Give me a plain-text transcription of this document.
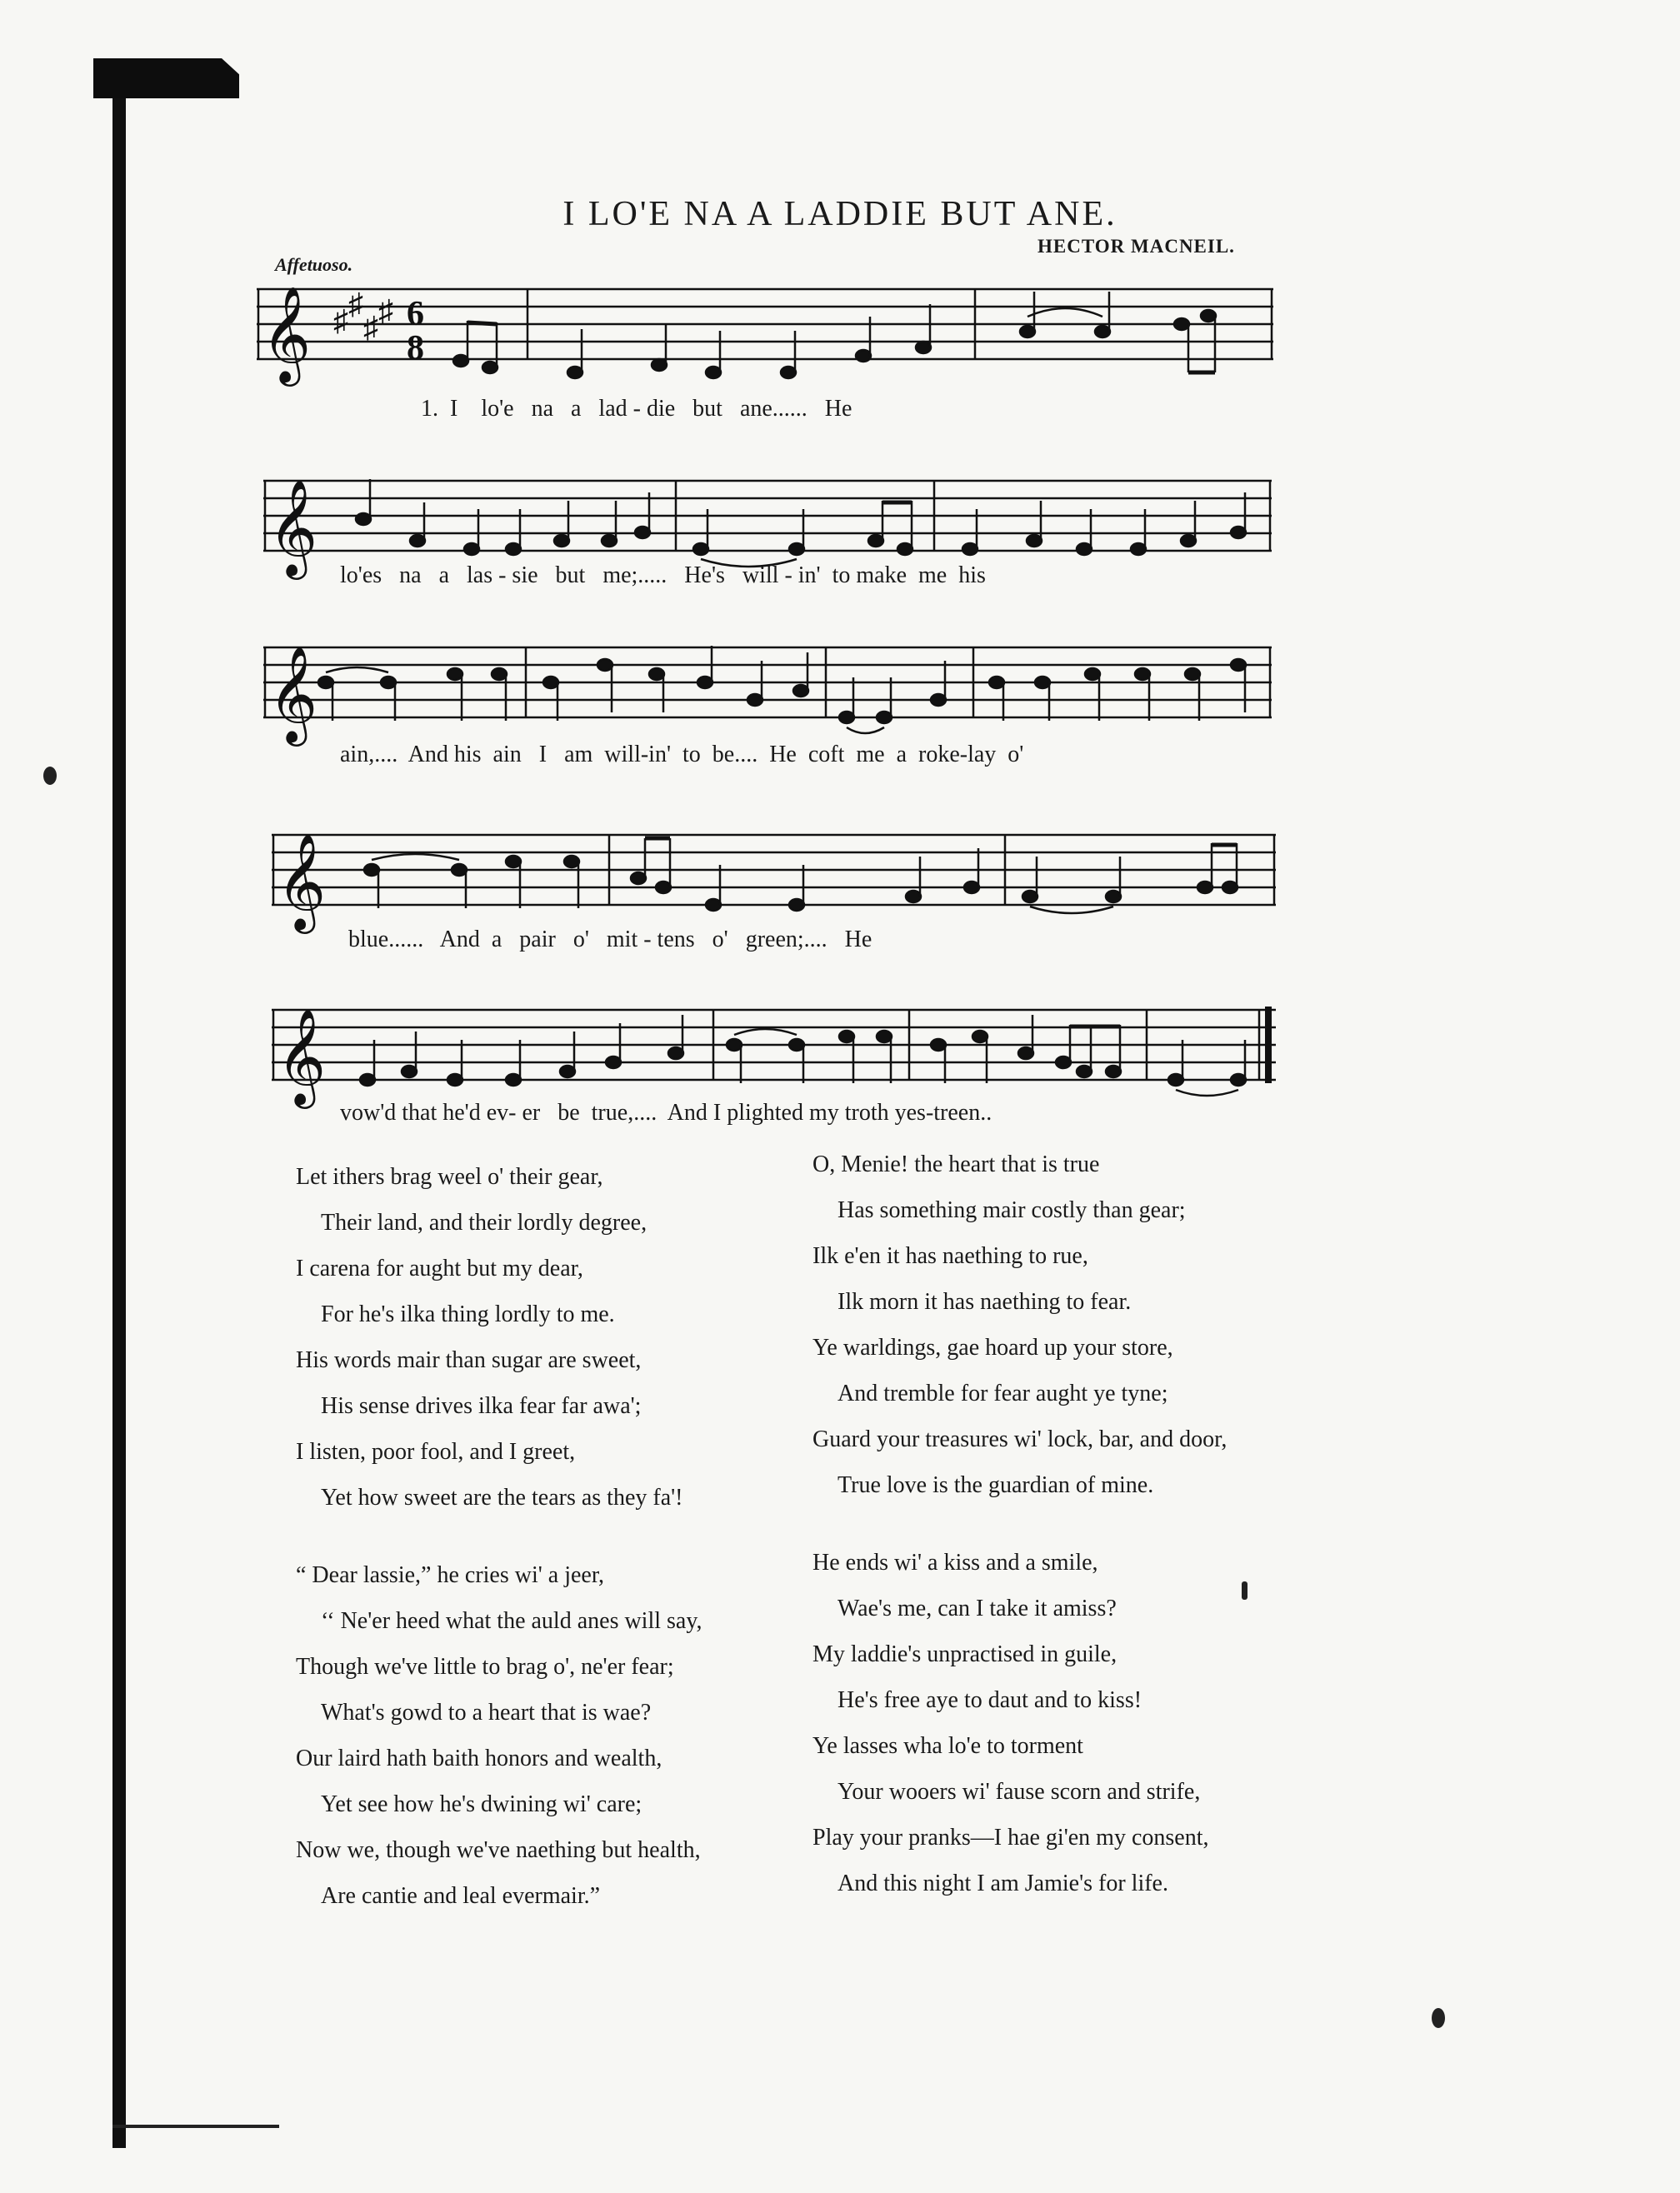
I LO'E NA A LADDIE BUT ANE.
Affetuoso.
HECTOR MACNEIL.
𝄞 ♯ ♯
♯ ♯ 6
8
1.  I    lo'e   na   a   lad - die   but   ane......   He
𝄞 lo'es   na   a   las - sie   but   me;.....   He's   will - in'  to make  me  his
𝄞
ain,....  And his  ain   I   am  will-in'  to  be....  He  coft  me  a  roke-lay  o'
𝄞
blue......   And  a   pair   o'   mit - tens   o'   green;....   He
𝄞
vow'd that he'd ev- er   be  true,....  And I plighted my troth yes-treen..
Let ithers brag weel o' their gear,
Their land, and their lordly degree,
I carena for aught but my dear,
For he's ilka thing lordly to me.
His words mair than sugar are sweet,
His sense drives ilka fear far awa';
I listen, poor fool, and I greet,
Yet how sweet are the tears as they fa'!
“ Dear lassie,” he cries wi' a jeer,
‘‘ Ne'er heed what the auld anes will say,
Though we've little to brag o', ne'er fear;
What's gowd to a heart that is wae?
Our laird hath baith honors and wealth,
Yet see how he's dwining wi' care;
Now we, though we've naething but health,
Are cantie and leal evermair.”
O, Menie! the heart that is true
Has something mair costly than gear;
Ilk e'en it has naething to rue,
Ilk morn it has naething to fear.
Ye warldings, gae hoard up your store,
And tremble for fear aught ye tyne;
Guard your treasures wi' lock, bar, and door,
True love is the guardian of mine.
He ends wi' a kiss and a smile,
Wae's me, can I take it amiss?
My laddie's unpractised in guile,
He's free aye to daut and to kiss!
Ye lasses wha lo'e to torment
Your wooers wi' fause scorn and strife,
Play your pranks—I hae gi'en my consent,
And this night I am Jamie's for life.
